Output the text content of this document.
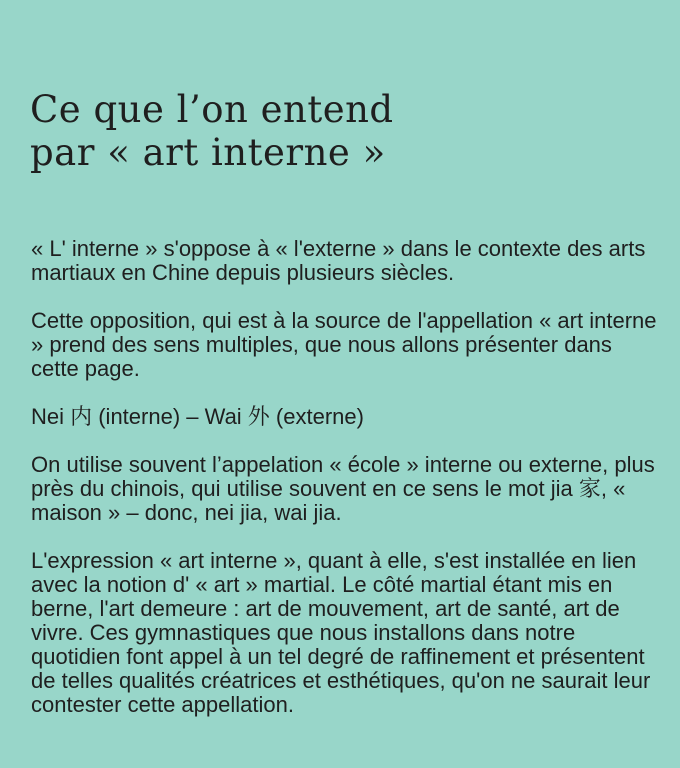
Ce que l’on entend
par « art interne »

« L' interne » s'oppose à « l'externe » dans le contexte des arts martiaux en Chine depuis plusieurs siècles.

Cette opposition, qui est à la source de l'appellation « art interne » prend des sens multiples, que nous allons présenter dans cette page.

Nei 内 (interne) – Wai 外 (externe)

On utilise souvent l’appelation « école » interne ou externe, plus près du chinois, qui utilise souvent en ce sens le mot jia 家, « maison » – donc, nei jia, wai jia.

L'expression « art interne », quant à elle, s'est installée en lien avec la notion d' « art » martial. Le côté martial étant mis en berne, l'art demeure : art de mouvement, art de santé, art de vivre. Ces gymnastiques que nous installons dans notre quotidien font appel à un tel degré de raffinement et présentent de telles qualités créatrices et esthétiques, qu'on ne saurait leur contester cette appellation.
